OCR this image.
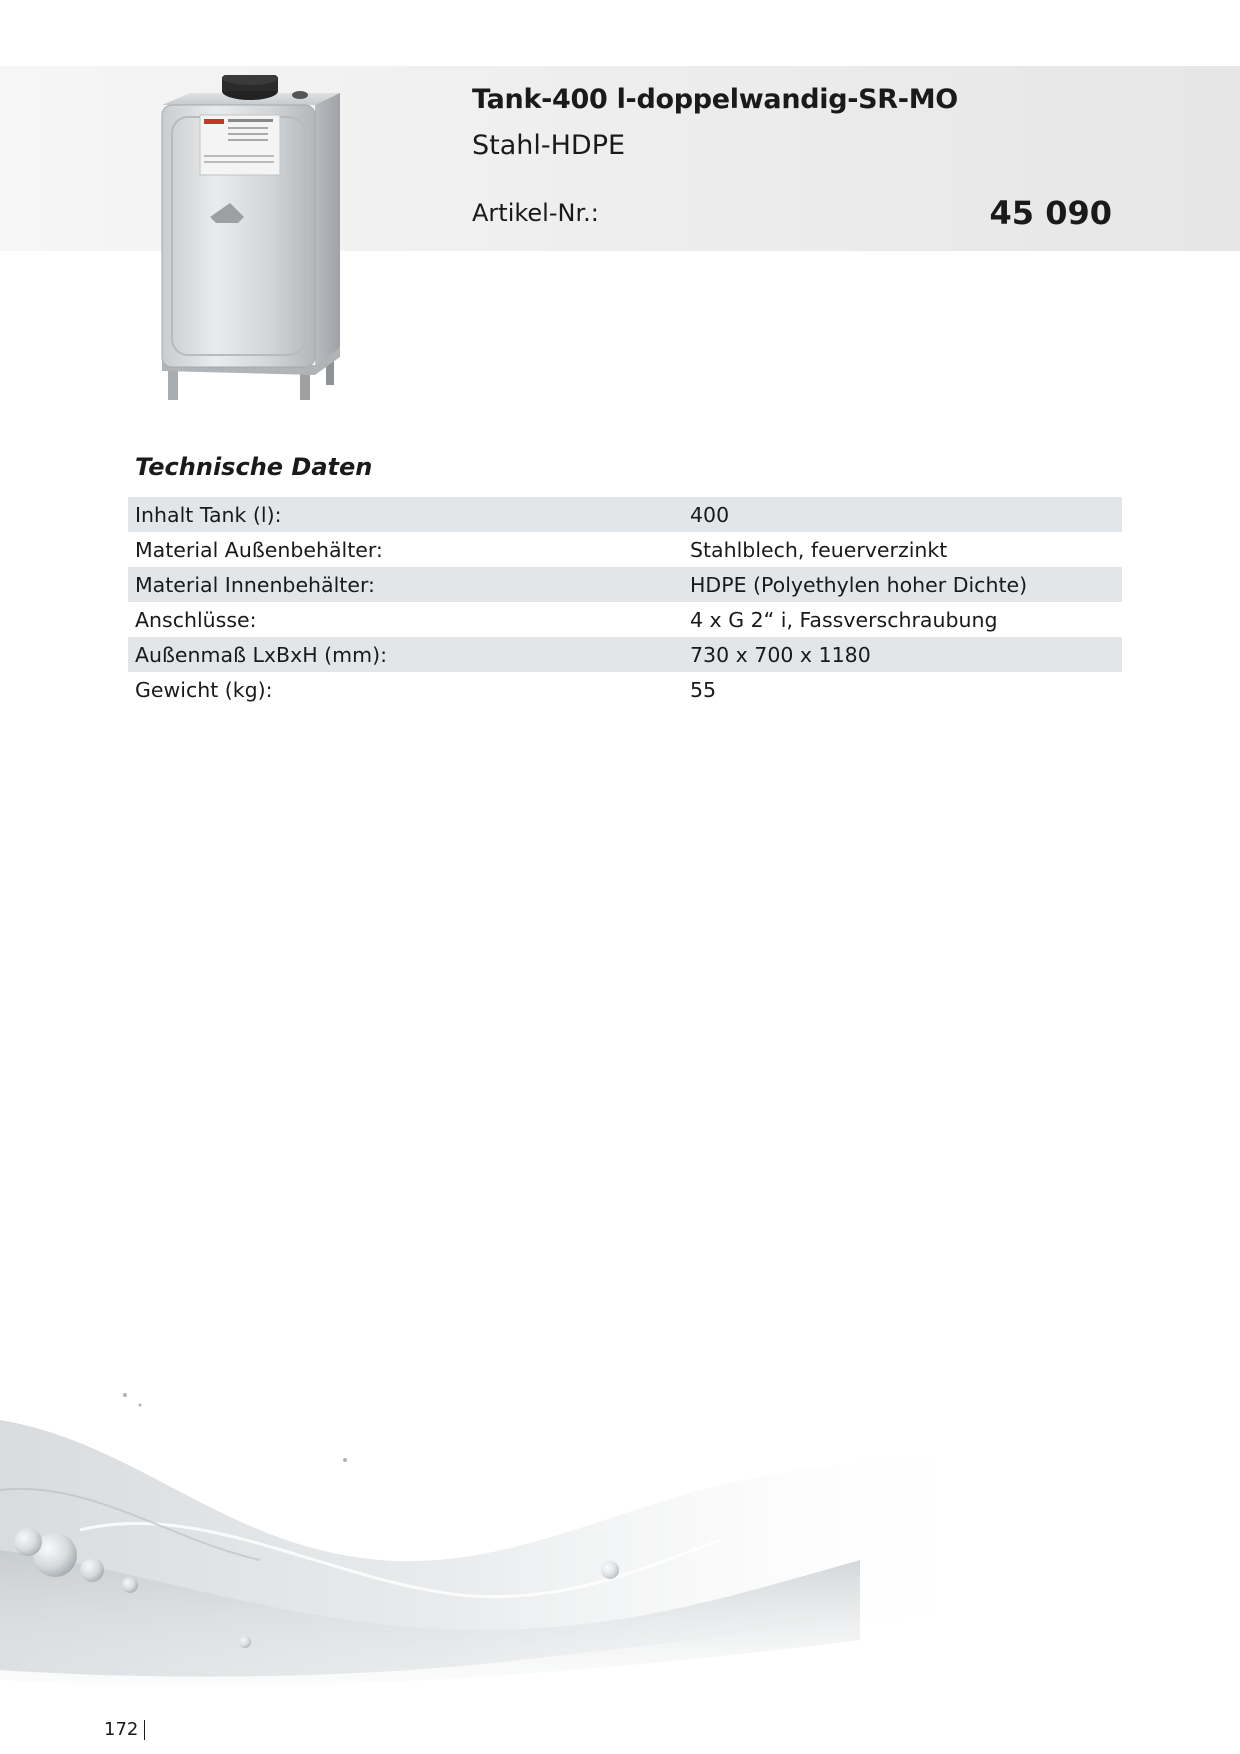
Tank-400 l-doppelwandig-SR-MO
Stahl-HDPE
Artikel-Nr.:	45 090
Technische Daten
Inhalt Tank (l):	400
Material Außenbehälter:	Stahlblech, feuerverzinkt
Material Innenbehälter:	HDPE (Polyethylen hoher Dichte)
Anschlüsse:	4 x G 2“ i, Fassverschraubung
Außenmaß LxBxH (mm):	730 x 700 x 1180
Gewicht (kg):	55
172
